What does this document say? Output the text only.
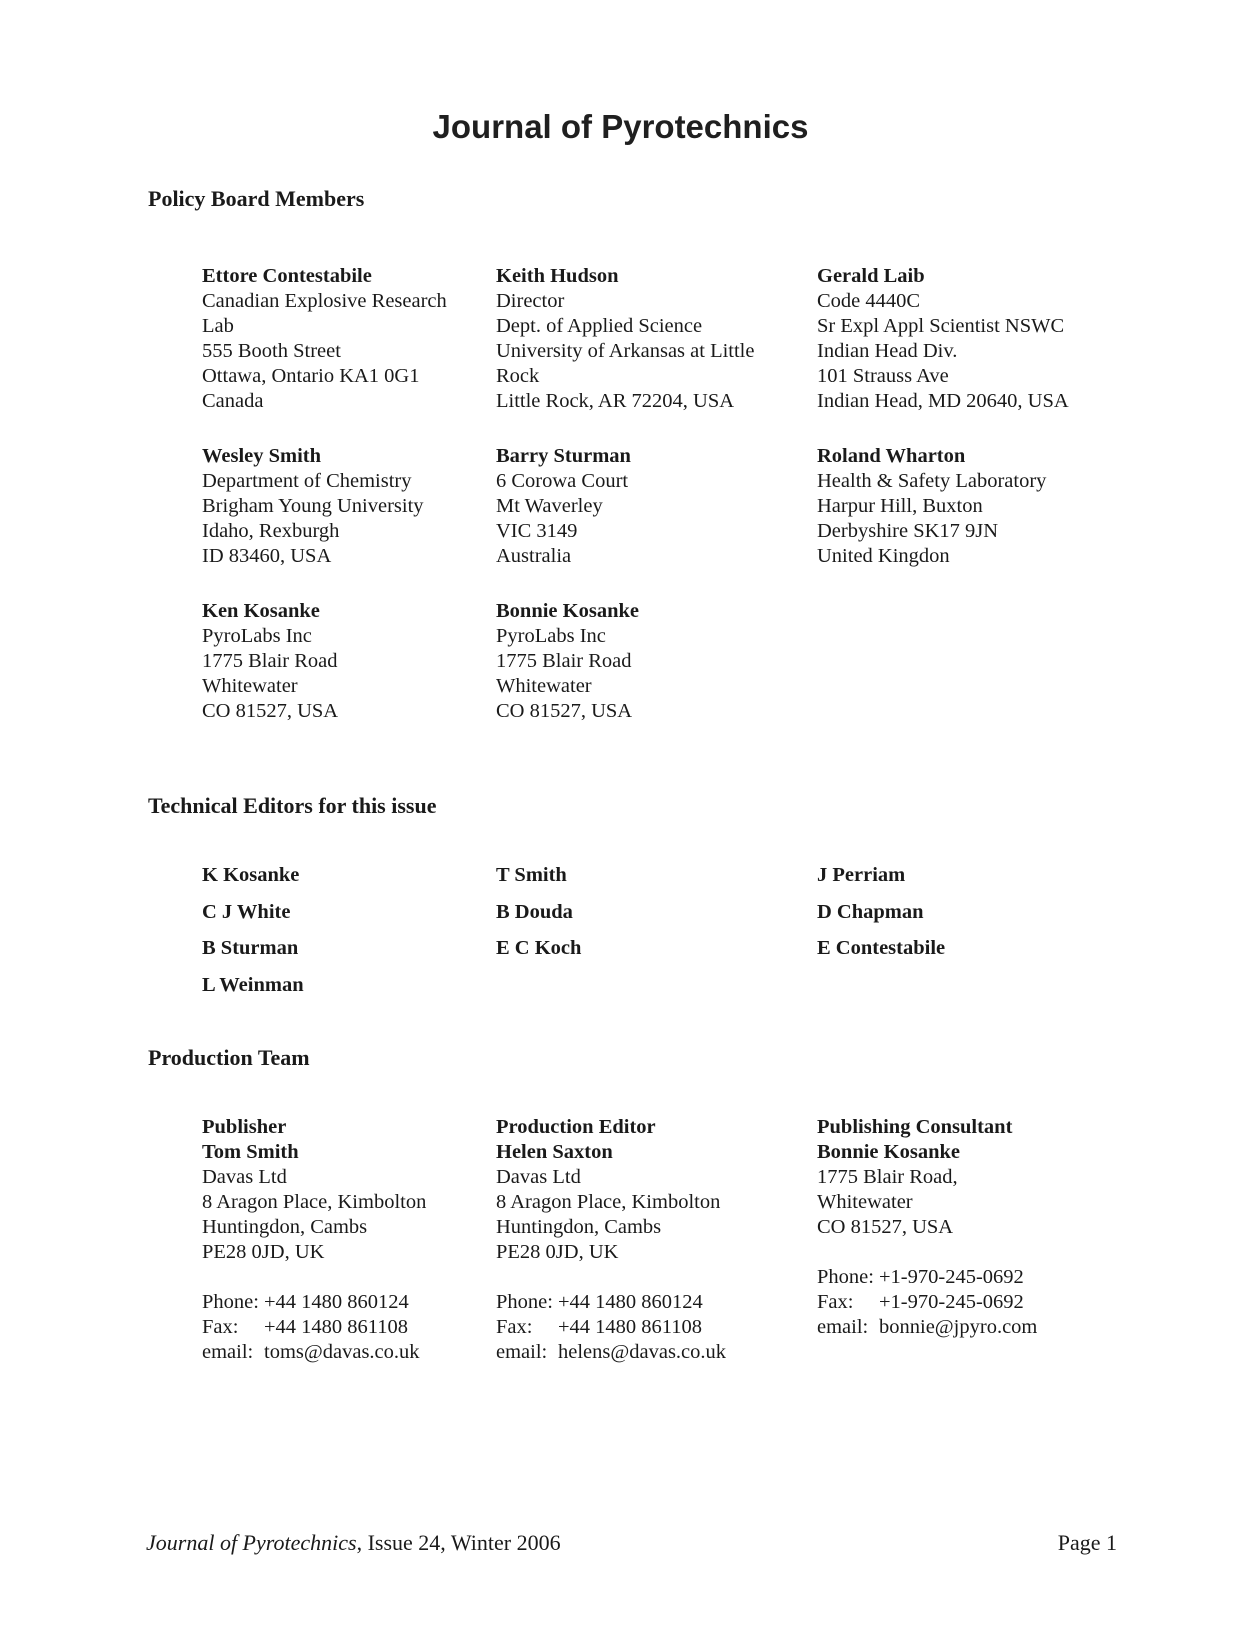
Journal of Pyrotechnics
Policy Board Members
Ettore Contestabile
Canadian Explosive Research
Lab
555 Booth Street
Ottawa, Ontario KA1 0G1
Canada
Keith Hudson
Director
Dept. of Applied Science
University of Arkansas at Little
Rock
Little Rock, AR 72204, USA
Gerald Laib
Code 4440C
Sr Expl Appl Scientist NSWC
Indian Head Div.
101 Strauss Ave
Indian Head, MD 20640, USA
Wesley Smith
Department of Chemistry
Brigham Young University
Idaho, Rexburgh
ID 83460, USA
Barry Sturman
6 Corowa Court
Mt Waverley
VIC 3149
Australia
Roland Wharton
Health & Safety Laboratory
Harpur Hill, Buxton
Derbyshire SK17 9JN
United Kingdon
Ken Kosanke
PyroLabs Inc
1775 Blair Road
Whitewater
CO 81527, USA
Bonnie Kosanke
PyroLabs Inc
1775 Blair Road
Whitewater
CO 81527, USA
Technical Editors for this issue
K Kosanke	T Smith	J Perriam
C J White	B Douda	D Chapman
B Sturman	E C Koch	E Contestabile
L Weinman
Production Team
Publisher
Tom Smith
Davas Ltd
8 Aragon Place, Kimbolton
Huntingdon, Cambs
PE28 0JD, UK

Phone: +44 1480 860124
Fax: +44 1480 861108
email: toms@davas.co.uk
Production Editor
Helen Saxton
Davas Ltd
8 Aragon Place, Kimbolton
Huntingdon, Cambs
PE28 0JD, UK

Phone: +44 1480 860124
Fax: +44 1480 861108
email: helens@davas.co.uk
Publishing Consultant
Bonnie Kosanke
1775 Blair Road,
Whitewater
CO 81527, USA

Phone: +1-970-245-0692
Fax: +1-970-245-0692
email: bonnie@jpyro.com
Journal of Pyrotechnics, Issue 24, Winter 2006	Page 1
